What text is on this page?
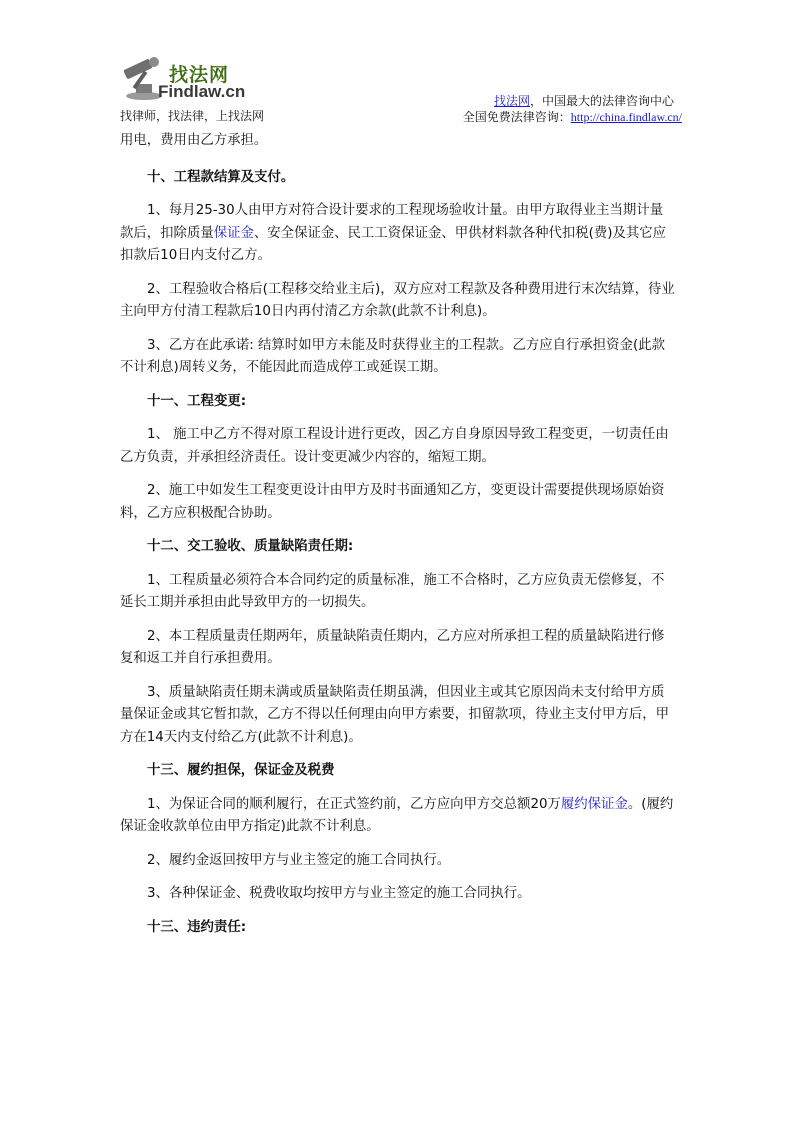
找法网
Findlaw.cn
找律师，找法律，上找法网
找法网，中国最大的法律咨询中心
全国免费法律咨询：http://china.findlaw.cn/

用电，费用由乙方承担。

十、工程款结算及支付。

1、每月25-30人由甲方对符合设计要求的工程现场验收计量。由甲方取得业主当期计量款后，扣除质量保证金、安全保证金、民工工资保证金、甲供材料款各种代扣税(费)及其它应扣款后10日内支付乙方。

2、工程验收合格后(工程移交给业主后)，双方应对工程款及各种费用进行末次结算，待业主向甲方付清工程款后10日内再付清乙方余款(此款不计利息)。

3、乙方在此承诺: 结算时如甲方未能及时获得业主的工程款。乙方应自行承担资金(此款不计利息)周转义务，不能因此而造成停工或延误工期。

十一、工程变更:

1、 施工中乙方不得对原工程设计进行更改，因乙方自身原因导致工程变更，一切责任由乙方负责，并承担经济责任。设计变更减少内容的，缩短工期。

2、施工中如发生工程变更设计由甲方及时书面通知乙方，变更设计需要提供现场原始资料，乙方应积极配合协助。

十二、交工验收、质量缺陷责任期:

1、工程质量必须符合本合同约定的质量标准，施工不合格时，乙方应负责无偿修复，不延长工期并承担由此导致甲方的一切损失。

2、本工程质量责任期两年，质量缺陷责任期内，乙方应对所承担工程的质量缺陷进行修复和返工并自行承担费用。

3、质量缺陷责任期未满或质量缺陷责任期虽满，但因业主或其它原因尚未支付给甲方质量保证金或其它暂扣款，乙方不得以任何理由向甲方索要，扣留款项，待业主支付甲方后，甲方在14天内支付给乙方(此款不计利息)。

十三、履约担保，保证金及税费

1、为保证合同的顺利履行，在正式签约前，乙方应向甲方交总额20万履约保证金。(履约保证金收款单位由甲方指定)此款不计利息。

2、履约金返回按甲方与业主签定的施工合同执行。

3、各种保证金、税费收取均按甲方与业主签定的施工合同执行。

十三、违约责任:
